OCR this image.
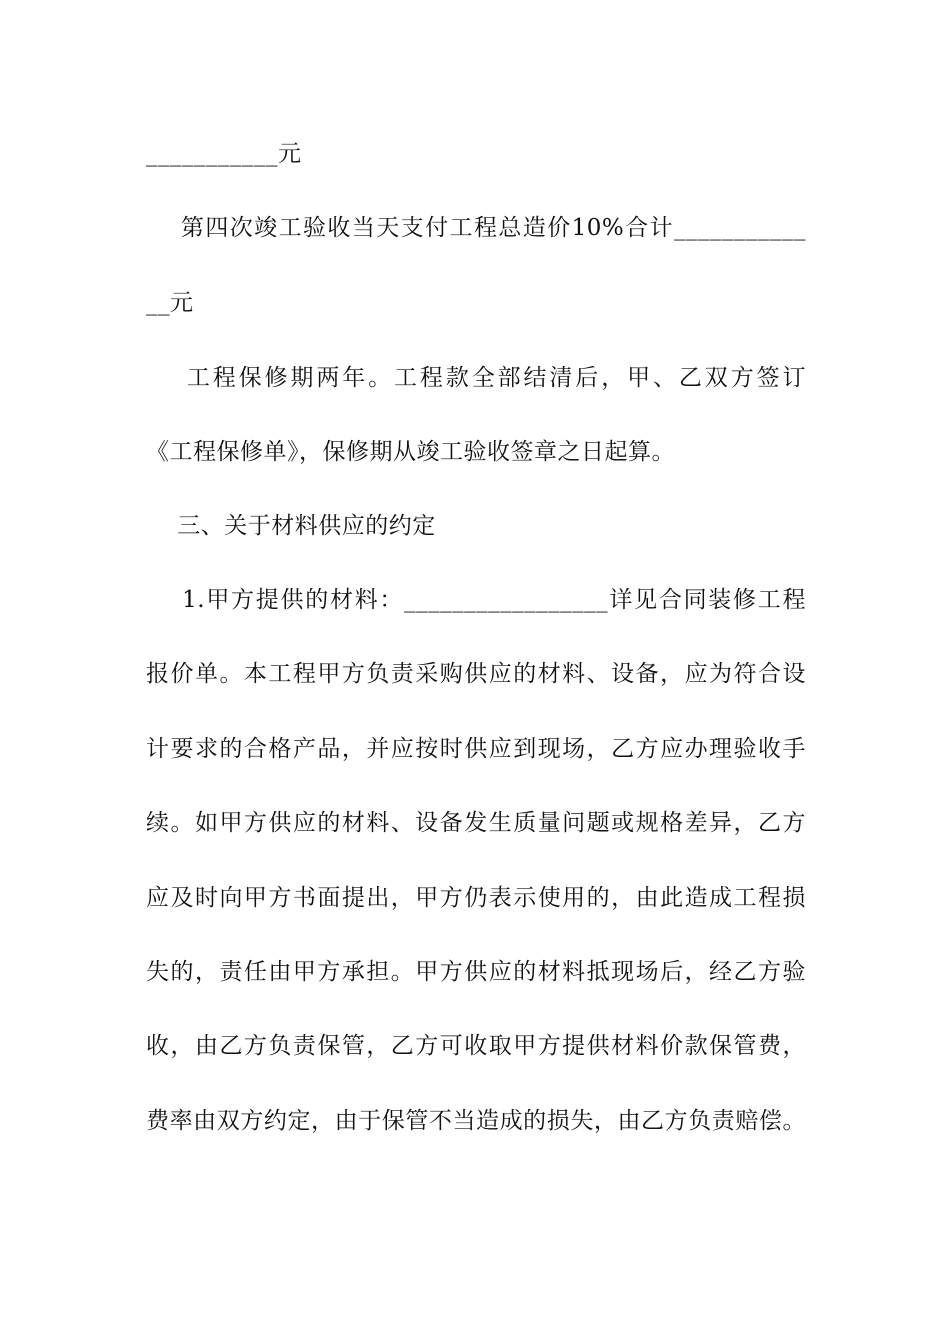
___________元
第四次竣工验收当天支付工程总造价10%合计___________
__元
工程保修期两年。工程款全部结清后，甲、乙双方签订
《工程保修单》，保修期从竣工验收签章之日起算。
三、关于材料供应的约定
1.甲方提供的材料：_________________详见合同装修工程
报价单。本工程甲方负责采购供应的材料、设备，应为符合设
计要求的合格产品，并应按时供应到现场，乙方应办理验收手
续。如甲方供应的材料、设备发生质量问题或规格差异，乙方
应及时向甲方书面提出，甲方仍表示使用的，由此造成工程损
失的，责任由甲方承担。甲方供应的材料抵现场后，经乙方验
收，由乙方负责保管，乙方可收取甲方提供材料价款保管费，
费率由双方约定，由于保管不当造成的损失，由乙方负责赔偿。
